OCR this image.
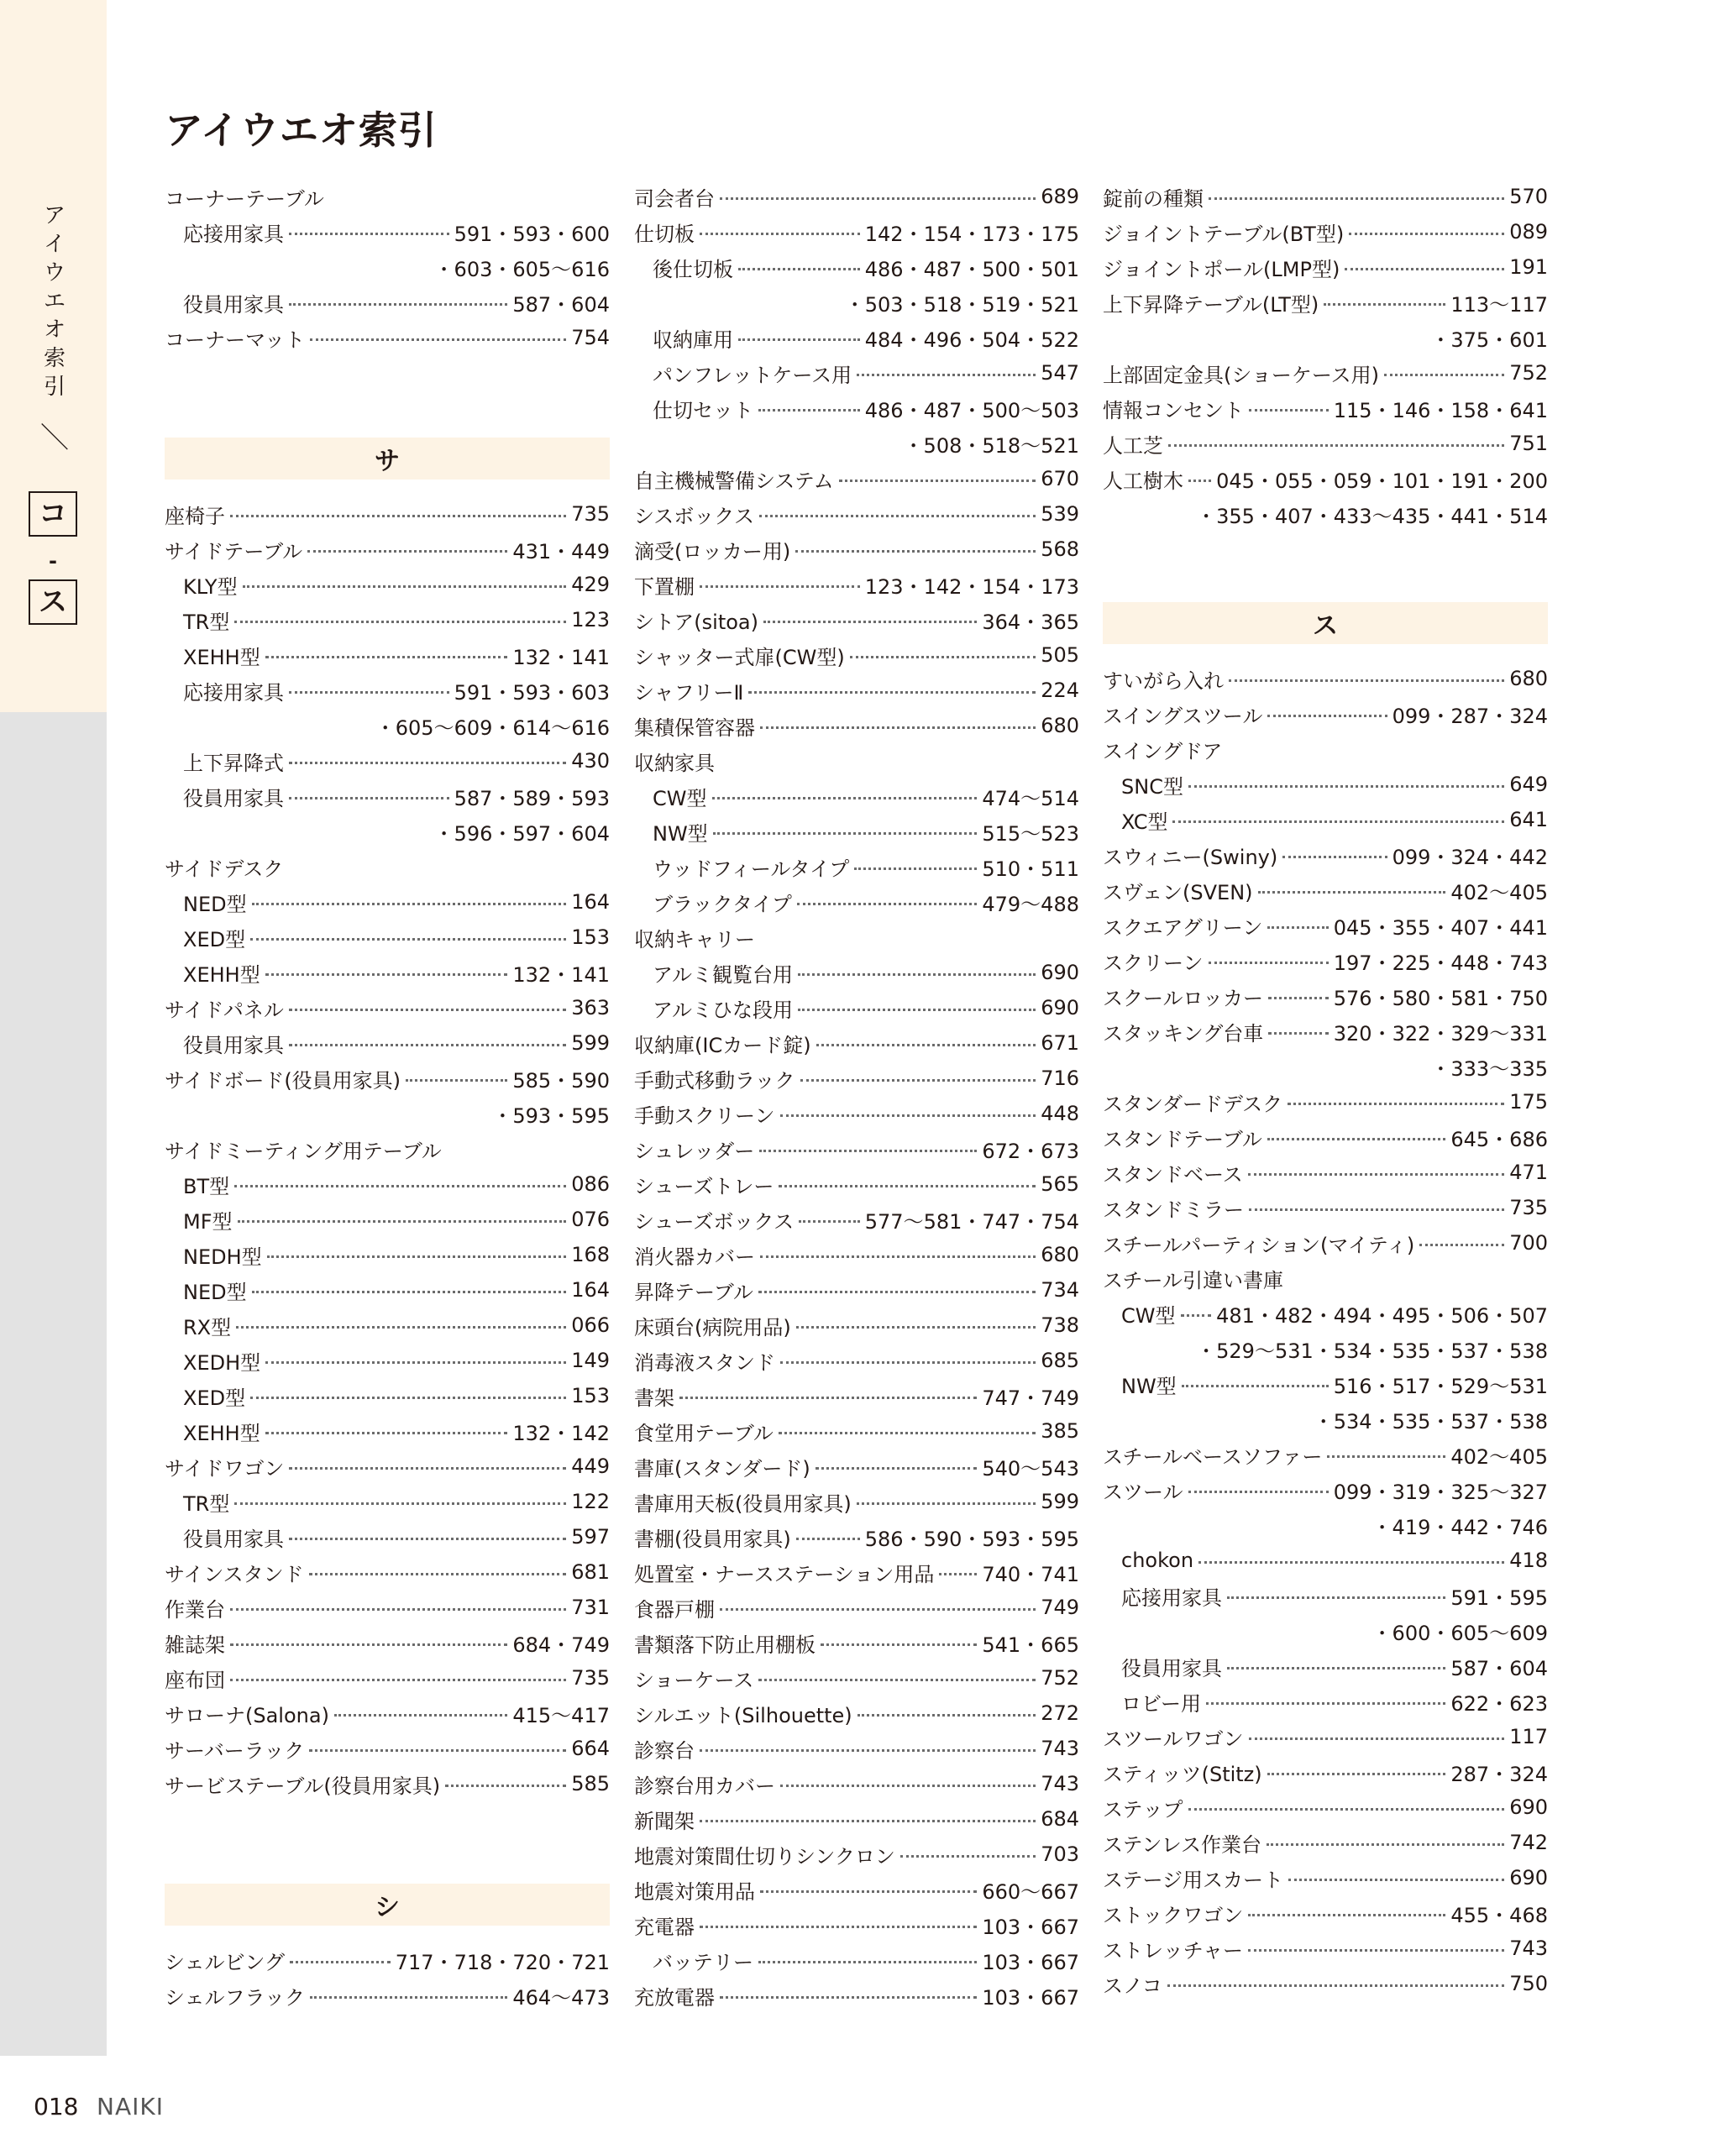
ア
イ
ウ
エ
オ
索
引
＼
コ
-
ス
アイウエオ索引
コーナーテーブル
応接用家具	591・593・600
・603・605〜616
役員用家具	587・604
コーナーマット	754
サ
座椅子	735
サイドテーブル	431・449
KLY型	429
TR型	123
XEHH型	132・141
応接用家具	591・593・603
・605〜609・614〜616
上下昇降式	430
役員用家具	587・589・593
・596・597・604
サイドデスク
NED型	164
XED型	153
XEHH型	132・141
サイドパネル	363
役員用家具	599
サイドボード(役員用家具)	585・590
・593・595
サイドミーティング用テーブル
BT型	086
MF型	076
NEDH型	168
NED型	164
RX型	066
XEDH型	149
XED型	153
XEHH型	132・142
サイドワゴン	449
TR型	122
役員用家具	597
サインスタンド	681
作業台	731
雑誌架	684・749
座布団	735
サローナ(Salona)	415〜417
サーバーラック	664
サービステーブル(役員用家具)	585
シ
シェルビング	717・718・720・721
シェルフラック	464〜473
司会者台	689
仕切板	142・154・173・175
後仕切板	486・487・500・501
・503・518・519・521
収納庫用	484・496・504・522
パンフレットケース用	547
仕切セット	486・487・500〜503
・508・518〜521
自主機械警備システム	670
シスボックス	539
滴受(ロッカー用)	568
下置棚	123・142・154・173
シトア(sitoa)	364・365
シャッター式扉(CW型)	505
シャフリーⅡ	224
集積保管容器	680
収納家具
CW型	474〜514
NW型	515〜523
ウッドフィールタイプ	510・511
ブラックタイプ	479〜488
収納キャリー
アルミ観覧台用	690
アルミひな段用	690
収納庫(ICカード錠)	671
手動式移動ラック	716
手動スクリーン	448
シュレッダー	672・673
シューズトレー	565
シューズボックス	577〜581・747・754
消火器カバー	680
昇降テーブル	734
床頭台(病院用品)	738
消毒液スタンド	685
書架	747・749
食堂用テーブル	385
書庫(スタンダード)	540〜543
書庫用天板(役員用家具)	599
書棚(役員用家具)	586・590・593・595
処置室・ナースステーション用品 740・741
食器戸棚	749
書類落下防止用棚板	541・665
ショーケース	752
シルエット(Silhouette)	272
診察台	743
診察台用カバー	743
新聞架	684
地震対策間仕切りシンクロン	703
地震対策用品	660〜667
充電器	103・667
バッテリー	103・667
充放電器	103・667
錠前の種類	570
ジョイントテーブル(BT型)	089
ジョイントポール(LMP型)	191
上下昇降テーブル(LT型)	113〜117
・375・601
上部固定金具(ショーケース用)	752
情報コンセント	115・146・158・641
人工芝	751
人工樹木 045・055・059・101・191・200
・355・407・433〜435・441・514
ス
すいがら入れ	680
スイングスツール	099・287・324
スイングドア
SNC型	649
XC型	641
スウィニー(Swiny)	099・324・442
スヴェン(SVEN)	402〜405
スクエアグリーン	045・355・407・441
スクリーン	197・225・448・743
スクールロッカー	576・580・581・750
スタッキング台車	320・322・329〜331
・333〜335
スタンダードデスク	175
スタンドテーブル	645・686
スタンドベース	471
スタンドミラー	735
スチールパーティション(マイティ)	700
スチール引違い書庫
CW型 481・482・494・495・506・507
・529〜531・534・535・537・538
NW型	516・517・529〜531
・534・535・537・538
スチールベースソファー	402〜405
スツール	099・319・325〜327
・419・442・746
chokon	418
応接用家具	591・595
・600・605〜609
役員用家具	587・604
ロビー用	622・623
スツールワゴン	117
スティッツ(Stitz)	287・324
ステップ	690
ステンレス作業台	742
ステージ用スカート	690
ストックワゴン	455・468
ストレッチャー	743
スノコ	750
018 NAIKI
